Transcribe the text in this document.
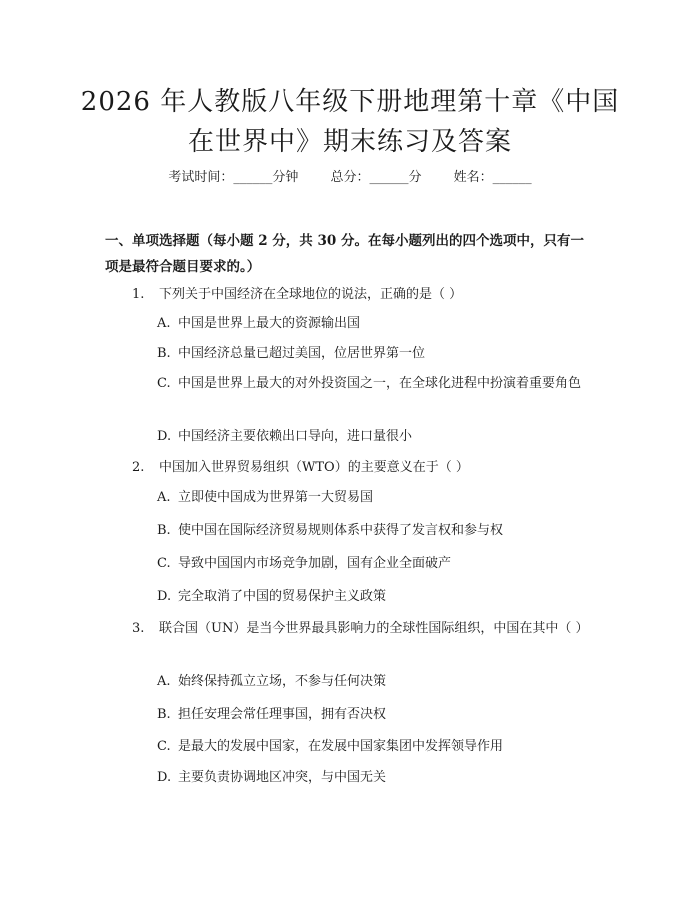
2026 年人教版八年级下册地理第十章《中国
在世界中》期末练习及答案
考试时间：______分钟 总分：______分 姓名：______

一、单项选择题（每小题 2 分，共 30 分。在每小题列出的四个选项中，只有一项是最符合题目要求的。）

1. 下列关于中国经济在全球地位的说法，正确的是（ ）

A. 中国是世界上最大的资源输出国

B. 中国经济总量已超过美国，位居世界第一位

C. 中国是世界上最大的对外投资国之一，在全球化进程中扮演着重要角色

D. 中国经济主要依赖出口导向，进口量很小

2. 中国加入世界贸易组织（WTO）的主要意义在于（ ）

A. 立即使中国成为世界第一大贸易国

B. 使中国在国际经济贸易规则体系中获得了发言权和参与权

C. 导致中国国内市场竞争加剧，国有企业全面破产

D. 完全取消了中国的贸易保护主义政策

3. 联合国（UN）是当今世界最具影响力的全球性国际组织，中国在其中（ ）

A. 始终保持孤立立场，不参与任何决策

B. 担任安理会常任理事国，拥有否决权

C. 是最大的发展中国家，在发展中国家集团中发挥领导作用

D. 主要负责协调地区冲突，与中国无关
